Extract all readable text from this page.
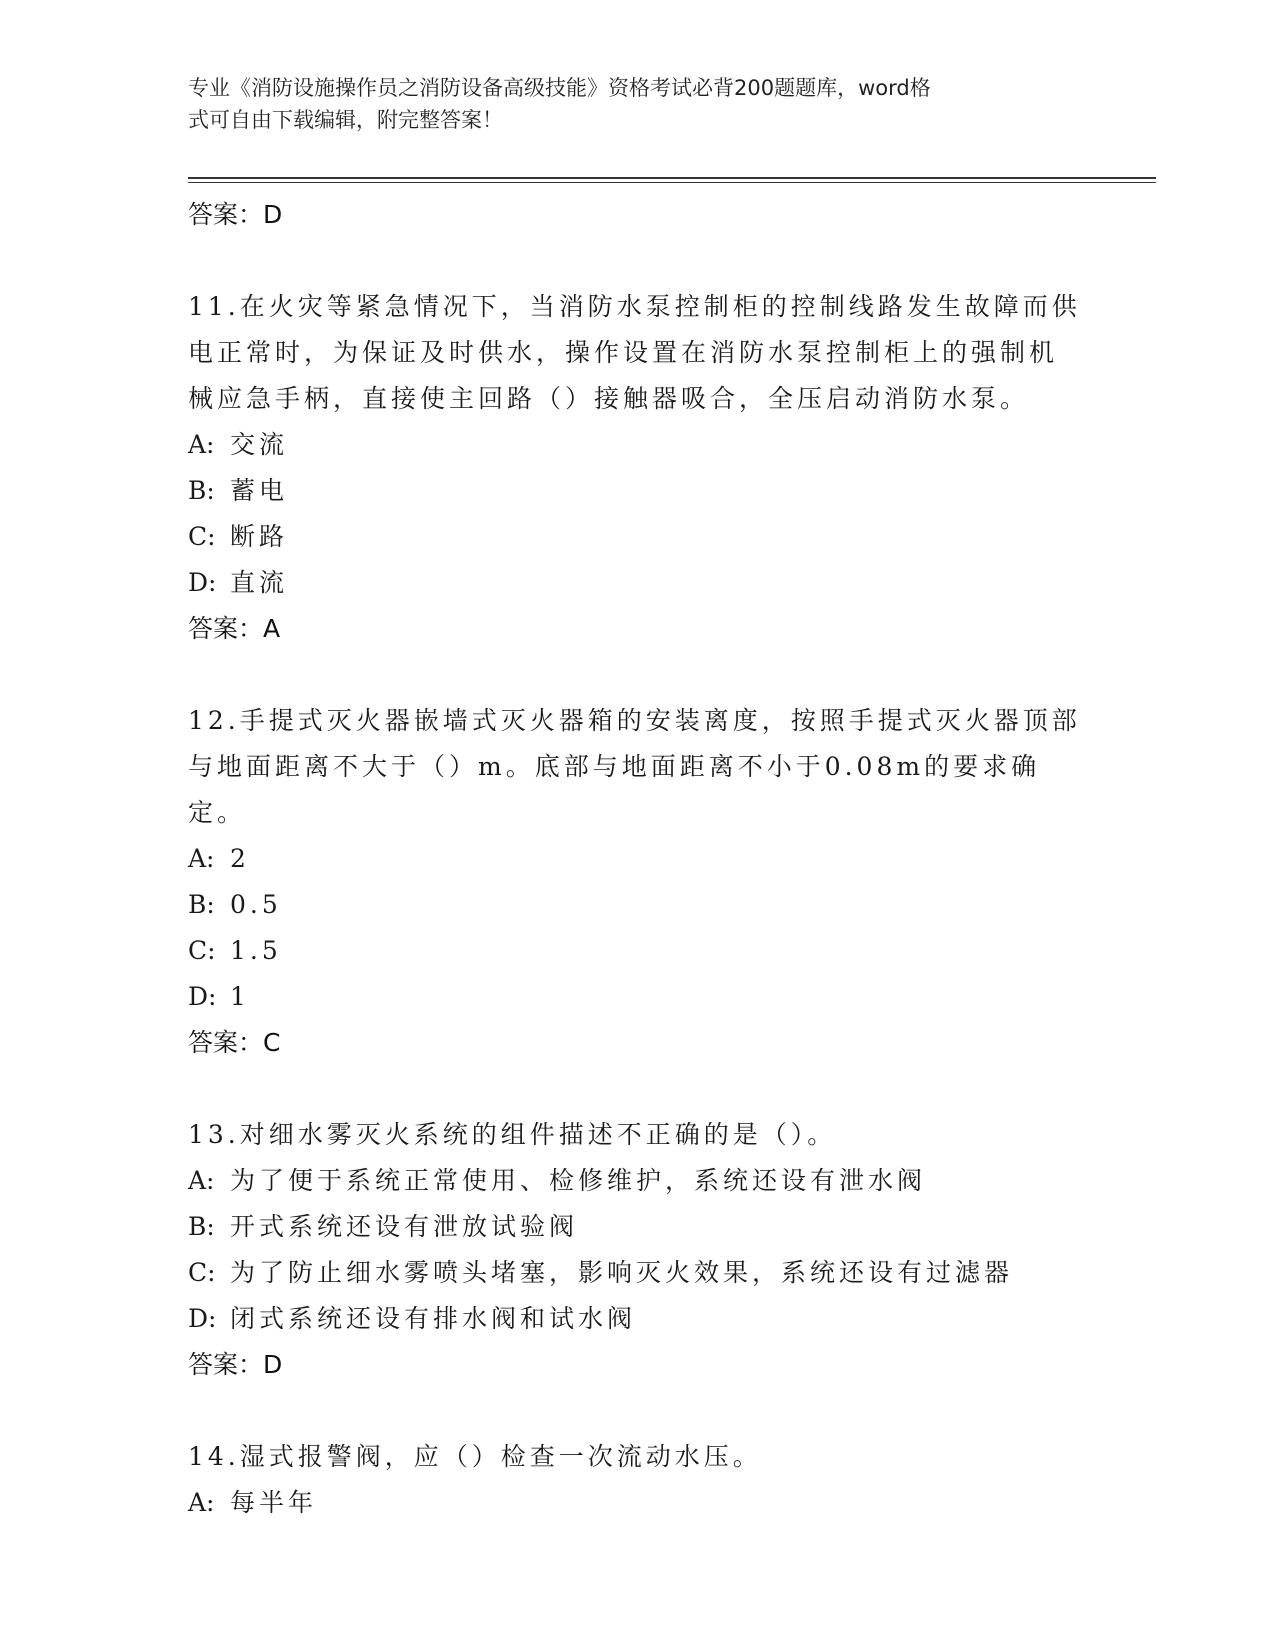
专业《消防设施操作员之消防设备高级技能》资格考试必背200题题库，word格
式可自由下载编辑，附完整答案！
答案：D
11.在火灾等紧急情况下，当消防水泵控制柜的控制线路发生故障而供
电正常时，为保证及时供水，操作设置在消防水泵控制柜上的强制机
械应急手柄，直接使主回路（）接触器吸合，全压启动消防水泵。
A: 交流
B: 蓄电
C: 断路
D: 直流
答案：A
12.手提式灭火器嵌墙式灭火器箱的安装离度，按照手提式灭火器顶部
与地面距离不大于（）m。底部与地面距离不小于0.08m的要求确定。
A: 2
B: 0.5
C: 1.5
D: 1
答案：C
13.对细水雾灭火系统的组件描述不正确的是（）。
A: 为了便于系统正常使用、检修维护，系统还设有泄水阀
B: 开式系统还设有泄放试验阀
C: 为了防止细水雾喷头堵塞，影响灭火效果，系统还设有过滤器
D: 闭式系统还设有排水阀和试水阀
答案：D
14.湿式报警阀，应（）检查一次流动水压。
A: 每半年
